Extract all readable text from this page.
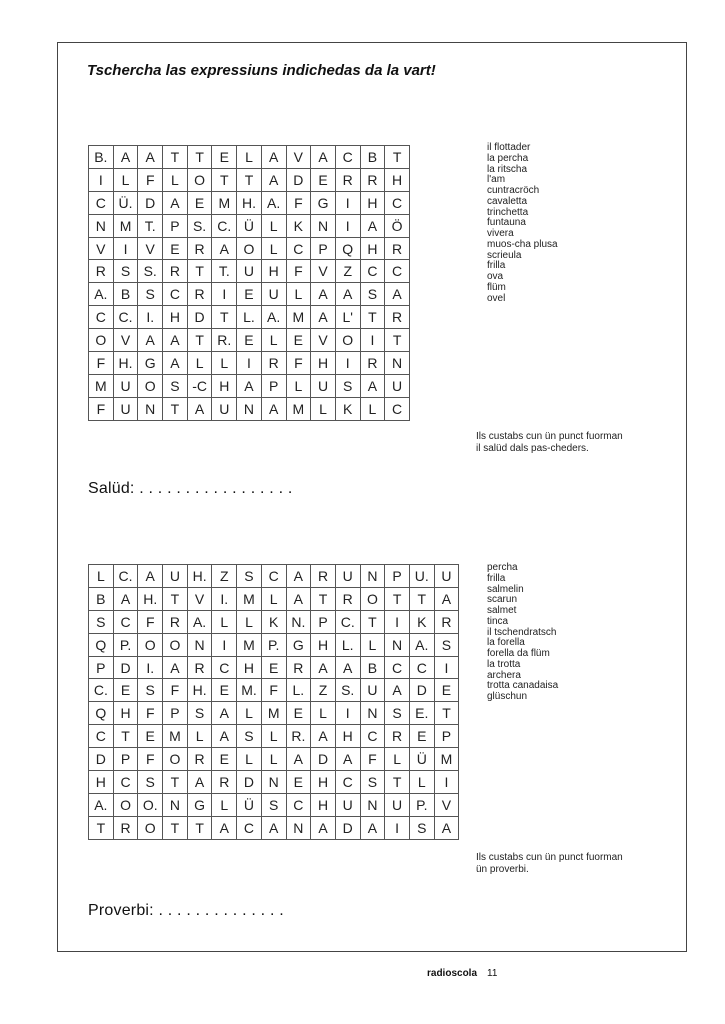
Tschercha las expressiuns indichedas da la vart!
B.	A	A	T	T	E	L	A	V	A	C	B	T
I	L	F	L	O	T	T	A	D	E	R	R	H
C	Ü.	D	A	E	M	H.	A.	F	G	I	H	C
N	M	T.	P	S.	C.	Ü	L	K	N	I	A	Ö
V	I	V	E	R	A	O	L	C	P	Q	H	R
R	S	S.	R	T	T.	U	H	F	V	Z	C	C
A.	B	S	C	R	I	E	U	L	A	A	S	A
C	C.	I.	H	D	T	L.	A.	M	A	L'	T	R
O	V	A	A	T	R.	E	L	E	V	O	I	T
F	H.	G	A	L	L	I	R	F	H	I	R	N
M	U	O	S	-C	H	A	P	L	U	S	A	U
F	U	N	T	A	U	N	A	M	L	K	L	C
il flottader
la percha
la ritscha
l'am
cuntracröch
cavaletta
trinchetta
funtauna
vivera
muos-cha plusa
scrieula
frilla
ova
flüm
ovel
Ils custabs cun ün punct fuorman
il salüd dals pas-cheders.
Salüd: . . . . . . . . . . . . . . . . .
L	C.	A	U	H.	Z	S	C	A	R	U	N	P	U.	U
B	A	H.	T	V	I.	M	L	A	T	R	O	T	T	A
S	C	F	R	A.	L	L	K	N.	P	C.	T	I	K	R
Q	P.	O	O	N	I	M	P.	G	H	L.	L	N	A.	S
P	D	I.	A	R	C	H	E	R	A	A	B	C	C	I
C.	E	S	F	H.	E	M.	F	L.	Z	S.	U	A	D	E
Q	H	F	P	S	A	L	M	E	L	I	N	S	E.	T
C	T	E	M	L	A	S	L	R.	A	H	C	R	E	P
D	P	F	O	R	E	L	L	A	D	A	F	L	Ü	M
H	C	S	T	A	R	D	N	E	H	C	S	T	L	I
A.	O	O.	N	G	L	Ü	S	C	H	U	N	U	P.	V
T	R	O	T	T	A	C	A	N	A	D	A	I	S	A
percha
frilla
salmelin
scarun
salmet
tinca
il tschendratsch
la forella
forella da flüm
la trotta
archera
trotta canadaisa
glüschun
Ils custabs cun ün punct fuorman
ün proverbi.
Proverbi: . . . . . . . . . . . . . .
radioscola 11
